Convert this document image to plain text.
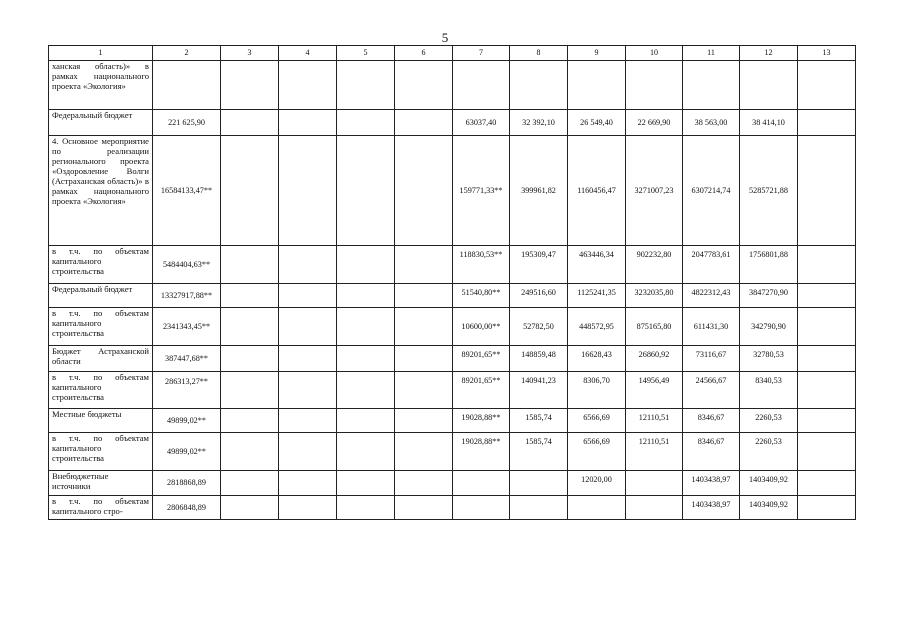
5
1	2	3	4	5	6	7	8	9	10	11	12	13
ханская область)» в рамках национального проекта «Экология»												
Федеральный бюджет	221 625,90					63037,40	32 392,10	26 549,40	22 669,90	38 563,00	38 414,10	
4. Основное мероприятие по реализации регионального проекта «Оздоровление Волги (Астраханская область)» в рамках национального проекта «Экология»	16584133,47**					159771,33**	399961,82	1160456,47	3271007,23	6307214,74	5285721,88	
в т.ч. по объектам капитального строительства	5484404,63**					118830,53**	195309,47	463446,34	902232,80	2047783,61	1756801,88	
Федеральный бюджет	13327917,88**					51540,80**	249516,60	1125241,35	3232035,80	4822312,43	3847270,90	
в т.ч. по объектам капитального строительства	2341343,45**					10600,00**	52782,50	448572,95	875165,80	611431,30	342790,90	
Бюджет Астраханской области	387447,68**					89201,65**	148859,48	16628,43	26860,92	73116,67	32780,53	
в т.ч. по объектам капитального строительства	286313,27**					89201,65**	140941,23	8306,70	14956,49	24566,67	8340,53	
Местные бюджеты	49899,02**					19028,88**	1585,74	6566,69	12110,51	8346,67	2260,53	
в т.ч. по объектам капитального строительства	49899,02**					19028,88**	1585,74	6566,69	12110,51	8346,67	2260,53	
Внебюджетные источники	2818868,89							12020,00		1403438,97	1403409,92	
в т.ч. по объектам капитального стро-	2806848,89									1403438,97	1403409,92	
